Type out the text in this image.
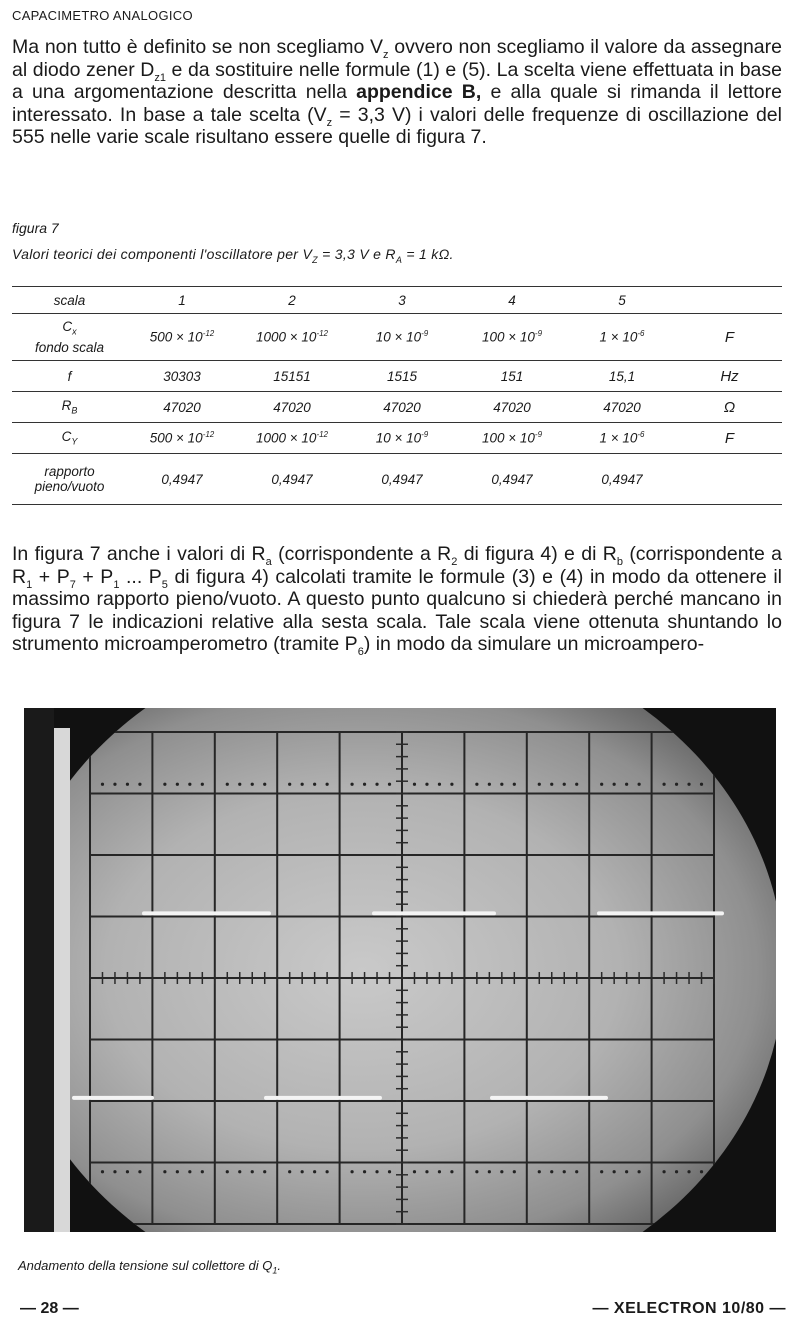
CAPACIMETRO ANALOGICO

Ma non tutto è definito se non scegliamo $V_z$ ovvero non scegliamo il valore da assegnare al diodo zener $D_{z1}$ e da sostituire nelle formule (1) e (5). La scelta viene effettuata in base a una argomentazione descritta nella appendice B, e alla quale si rimanda il lettore interessato. In base a tale scelta ($V_z = 3,3$ V) i valori delle frequenze di oscillazione del 555 nelle varie scale risultano essere quelle di figura 7.

figura 7
Valori teorici dei componenti l'oscillatore per $V_Z = 3,3$ V e $R_A = 1$ kΩ.
scala	1	2	3	4	5
$C_x$
fondo scala
$500 \times 10^{-12}$	$1000 \times 10^{-12}$	$10 \times 10^{-9}$	$100 \times 10^{-9}$	$1 \times 10^{-6}$	F
f	30303	15151	1515	151	15,1	Hz
$R_B$	47020	47020	47020	47020	47020	Ω
$C_Y$	$500 \times 10^{-12}$	$1000 \times 10^{-12}$	$10 \times 10^{-9}$	$100 \times 10^{-9}$	$1 \times 10^{-6}$	F
rapporto
pieno/vuoto	0,4947	0,4947	0,4947	0,4947	0,4947

In figura 7 anche i valori di $R_a$ (corrispondente a $R_2$ di figura 4) e di $R_b$ (corrispondente a $R_1 + P_7 + P_1$ ... $P_5$ di figura 4) calcolati tramite le formule (3) e (4) in modo da ottenere il massimo rapporto pieno/vuoto. A questo punto qualcuno si chiederà perché mancano in figura 7 le indicazioni relative alla sesta scala. Tale scala viene ottenuta shuntando lo strumento microamperometro (tramite $P_6$) in modo da simulare un microampero-

Andamento della tensione sul collettore di $Q_1$.
— 28 —	— XELECTRON 10/80 —
